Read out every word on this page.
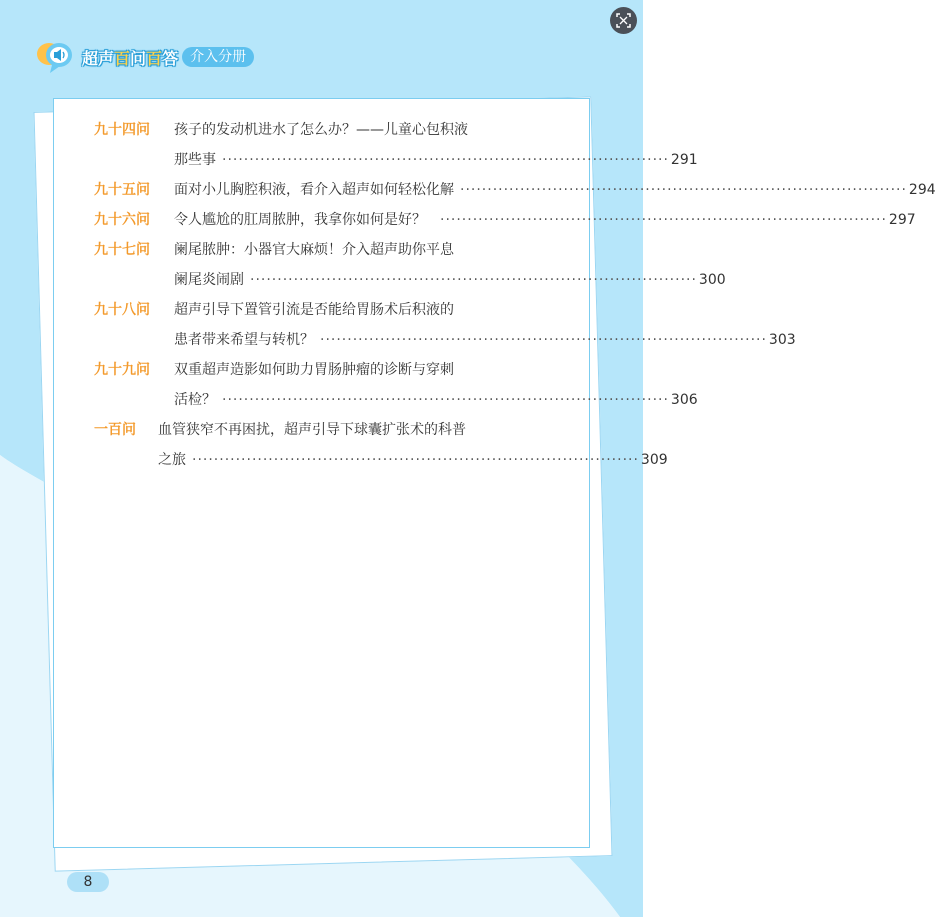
超声百问百答 介入分册
九十四问 孩子的发动机进水了怎么办？——儿童心包积液
那些事 ·················································································· 291
九十五问 面对小儿胸腔积液，看介入超声如何轻松化解 ·················································································· 294
九十六问 令人尴尬的肛周脓肿，我拿你如何是好？ ·················································································· 297
九十七问 阑尾脓肿：小器官大麻烦！介入超声助你平息
阑尾炎闹剧 ·················································································· 300
九十八问 超声引导下置管引流是否能给胃肠术后积液的
患者带来希望与转机？ ·················································································· 303
九十九问 双重超声造影如何助力胃肠肿瘤的诊断与穿刺
活检？ ·················································································· 306
一百问 血管狭窄不再困扰，超声引导下球囊扩张术的科普
之旅 ·················································································· 309
8
